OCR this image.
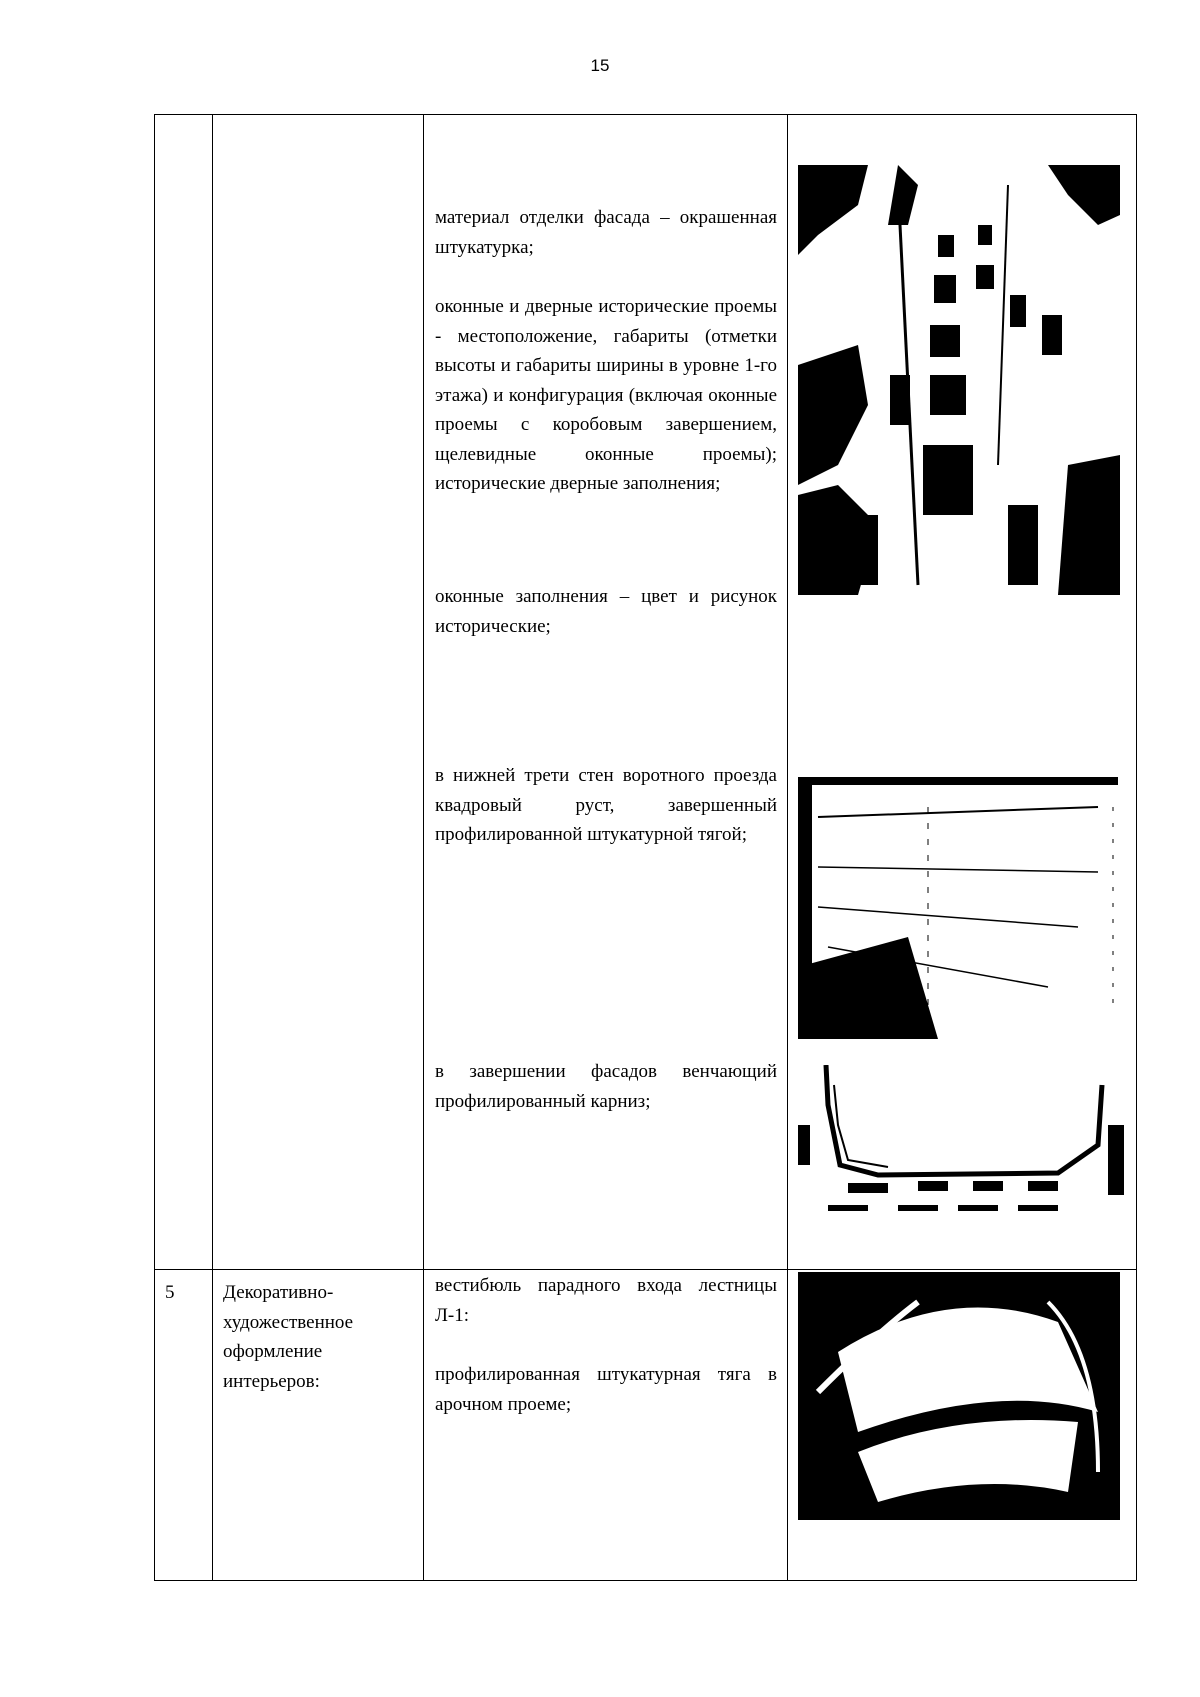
15

		материал отделки фасада – окрашенная штукатурка;

оконные и дверные исторические проемы - местоположение, габариты (отметки высоты и габариты ширины в уровне 1-го этажа) и конфигурация (включая оконные проемы с коробовым завершением, щелевидные оконные проемы); исторические дверные заполнения;

оконные заполнения – цвет и рисунок исторические;

в нижней трети стен воротного проезда квадровый руст, завершенный профилированной штукатурной тягой;

в завершении фасадов венчающий профилированный карниз;

5	Декоративно-художественное оформление интерьеров:	вестибюль парадного входа лестницы Л-1:

профилированная штукатурная тяга в арочном проеме;
